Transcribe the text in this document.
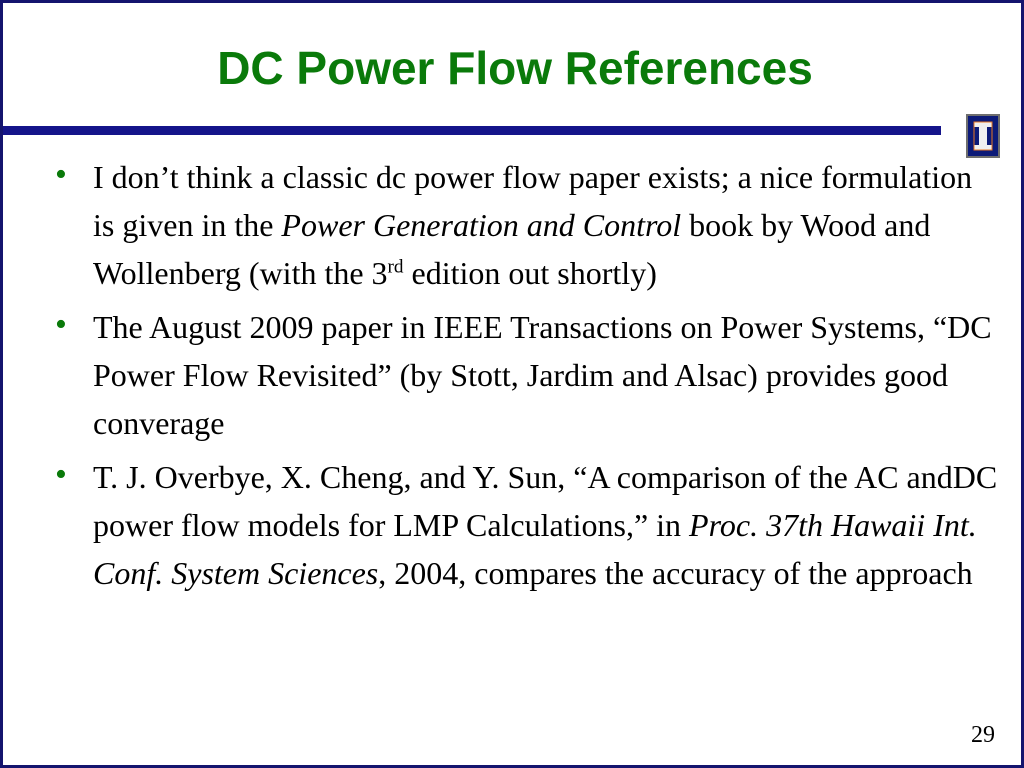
DC Power Flow References
• I don’t think a classic dc power flow paper exists; a nice formulation is given in the Power Generation and Control book by Wood and Wollenberg (with the 3rd edition out shortly)
• The August 2009 paper in IEEE Transactions on Power Systems, “DC Power Flow Revisited” (by Stott, Jardim and Alsac) provides good converage
• T. J. Overbye, X. Cheng, and Y. Sun, “A comparison of the AC andDC power flow models for LMP Calculations,” in Proc. 37th Hawaii Int. Conf. System Sciences, 2004, compares the accuracy of the approach
29
